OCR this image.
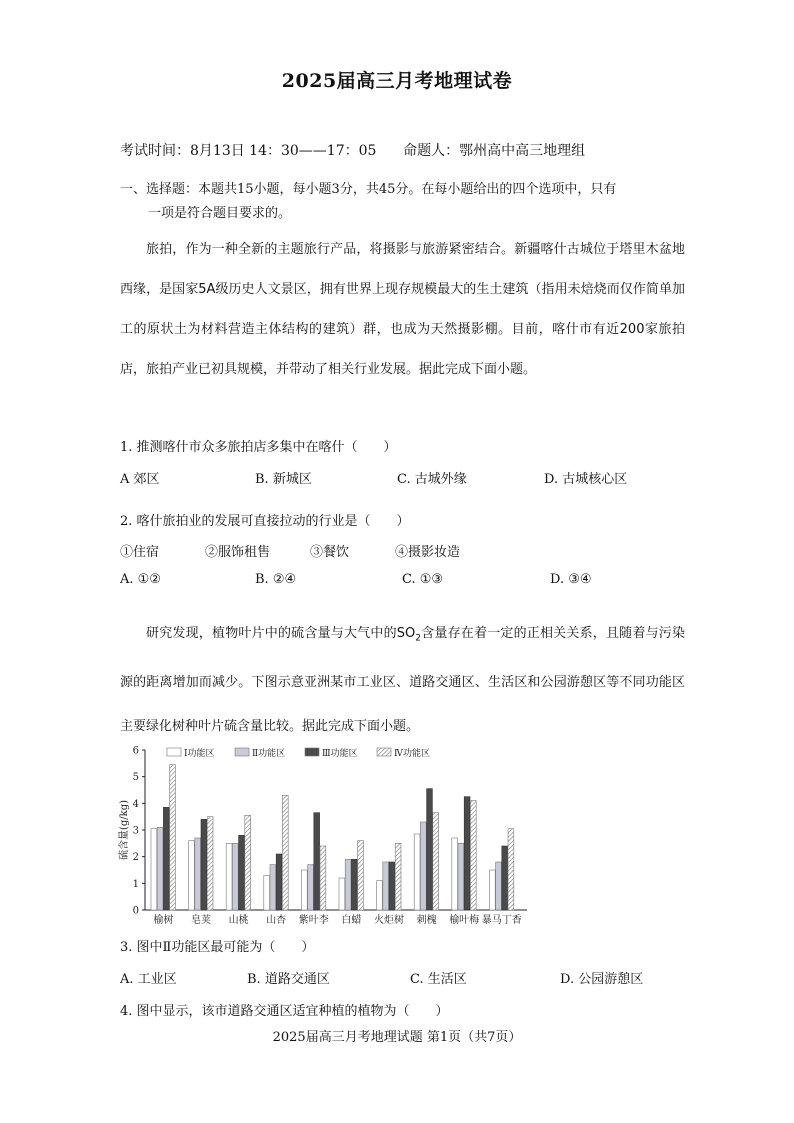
2025届高三月考地理试卷
考试时间：8月13日 14：30——17：05 命题人：鄂州高中高三地理组
一、选择题：本题共15小题，每小题3分，共45分。在每小题给出的四个选项中，只有
一项是符合题目要求的。
旅拍，作为一种全新的主题旅行产品，将摄影与旅游紧密结合。新疆喀什古城位于塔里木盆地西缘，是国家5A级历史人文景区，拥有世界上现存规模最大的生土建筑（指用未焙烧而仅作简单加工的原状土为材料营造主体结构的建筑）群，也成为天然摄影棚。目前，喀什市有近200家旅拍店，旅拍产业已初具规模，并带动了相关行业发展。据此完成下面小题。
1. 推测喀什市众多旅拍店多集中在喀什（　　）
A 郊区	B. 新城区	C. 古城外缘	D. 古城核心区
2. 喀什旅拍业的发展可直接拉动的行业是（　　）
①住宿	②服饰租售	③餐饮	④摄影妆造
A. ①②	B. ②④	C. ①③	D. ③④
研究发现，植物叶片中的硫含量与大气中的$SO_2$含量存在着一定的正相关关系，且随着与污染源的距离增加而减少。下图示意亚洲某市工业区、道路交通区、生活区和公园游憩区等不同功能区主要绿化树种叶片硫含量比较。据此完成下面小题。
0
1
2
3
4
5
6
硫含量(g/kg)
榆树 皂荚 山桃 山杏 紫叶李 白蜡 火炬树 刺槐 榆叶梅 暴马丁香
Ⅰ功能区	Ⅱ功能区	Ⅲ功能区	Ⅳ功能区
3. 图中Ⅱ功能区最可能为（　　）
A. 工业区	B. 道路交通区	C. 生活区	D. 公园游憩区
4. 图中显示，该市道路交通区适宜种植的植物为（　　）
2025届高三月考地理试题 第1页（共7页）
